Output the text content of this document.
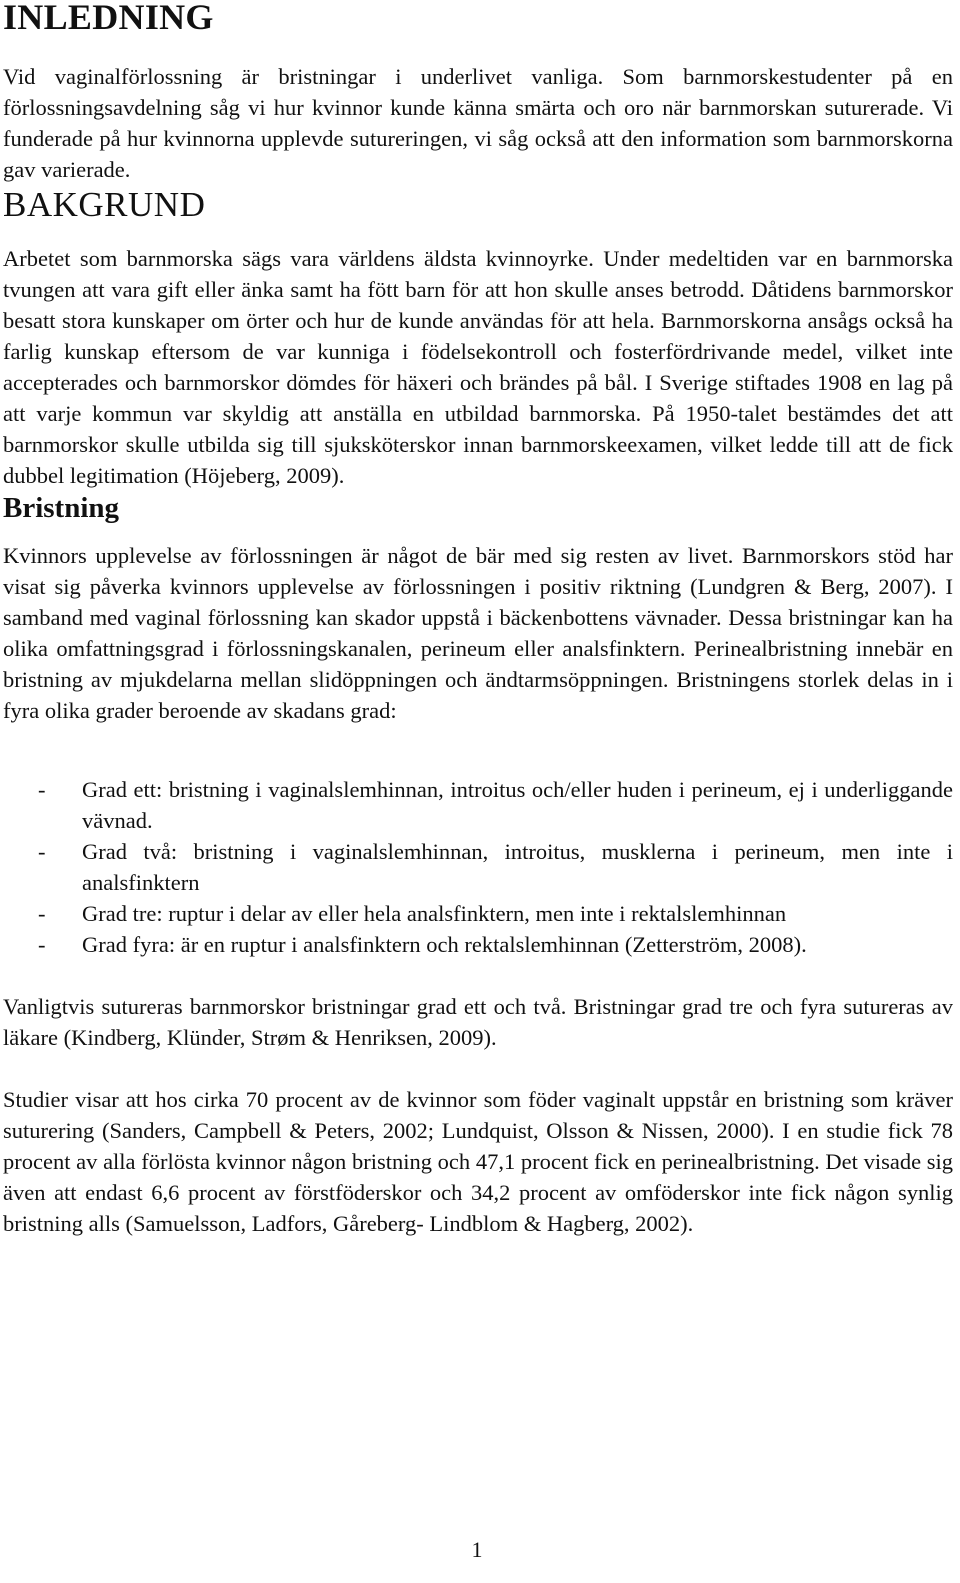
INLEDNING

Vid vaginalförlossning är bristningar i underlivet vanliga. Som barnmorskestudenter på en förlossningsavdelning såg vi hur kvinnor kunde känna smärta och oro när barnmorskan suturerade. Vi funderade på hur kvinnorna upplevde sutureringen, vi såg också att den information som barnmorskorna gav varierade.

BAKGRUND

Arbetet som barnmorska sägs vara världens äldsta kvinnoyrke. Under medeltiden var en barnmorska tvungen att vara gift eller änka samt ha fött barn för att hon skulle anses betrodd. Dåtidens barnmorskor besatt stora kunskaper om örter och hur de kunde användas för att hela. Barnmorskorna ansågs också ha farlig kunskap eftersom de var kunniga i födelsekontroll och fosterfördrivande medel, vilket inte accepterades och barnmorskor dömdes för häxeri och brändes på bål. I Sverige stiftades 1908 en lag på att varje kommun var skyldig att anställa en utbildad barnmorska. På 1950-talet bestämdes det att barnmorskor skulle utbilda sig till sjuksköterskor innan barnmorskeexamen, vilket ledde till att de fick dubbel legitimation (Höjeberg, 2009).

Bristning

Kvinnors upplevelse av förlossningen är något de bär med sig resten av livet. Barnmorskors stöd har visat sig påverka kvinnors upplevelse av förlossningen i positiv riktning (Lundgren & Berg, 2007). I samband med vaginal förlossning kan skador uppstå i bäckenbottens vävnader. Dessa bristningar kan ha olika omfattningsgrad i förlossningskanalen, perineum eller analsfinktern. Perinealbristning innebär en bristning av mjukdelarna mellan slidöppningen och ändtarmsöppningen. Bristningens storlek delas in i fyra olika grader beroende av skadans grad:

- Grad ett: bristning i vaginalslemhinnan, introitus och/eller huden i perineum, ej i underliggande vävnad.
- Grad två: bristning i vaginalslemhinnan, introitus, musklerna i perineum, men inte i analsfinktern
- Grad tre: ruptur i delar av eller hela analsfinktern, men inte i rektalslemhinnan
- Grad fyra: är en ruptur i analsfinktern och rektalslemhinnan (Zetterström, 2008).

Vanligtvis sutureras barnmorskor bristningar grad ett och två. Bristningar grad tre och fyra sutureras av läkare (Kindberg, Klünder, Strøm & Henriksen, 2009).

Studier visar att hos cirka 70 procent av de kvinnor som föder vaginalt uppstår en bristning som kräver suturering (Sanders, Campbell & Peters, 2002; Lundquist, Olsson & Nissen, 2000). I en studie fick 78 procent av alla förlösta kvinnor någon bristning och 47,1 procent fick en perinealbristning. Det visade sig även att endast 6,6 procent av förstföderskor och 34,2 procent av omföderskor inte fick någon synlig bristning alls (Samuelsson, Ladfors, Gåreberg- Lindblom & Hagberg, 2002).

1
